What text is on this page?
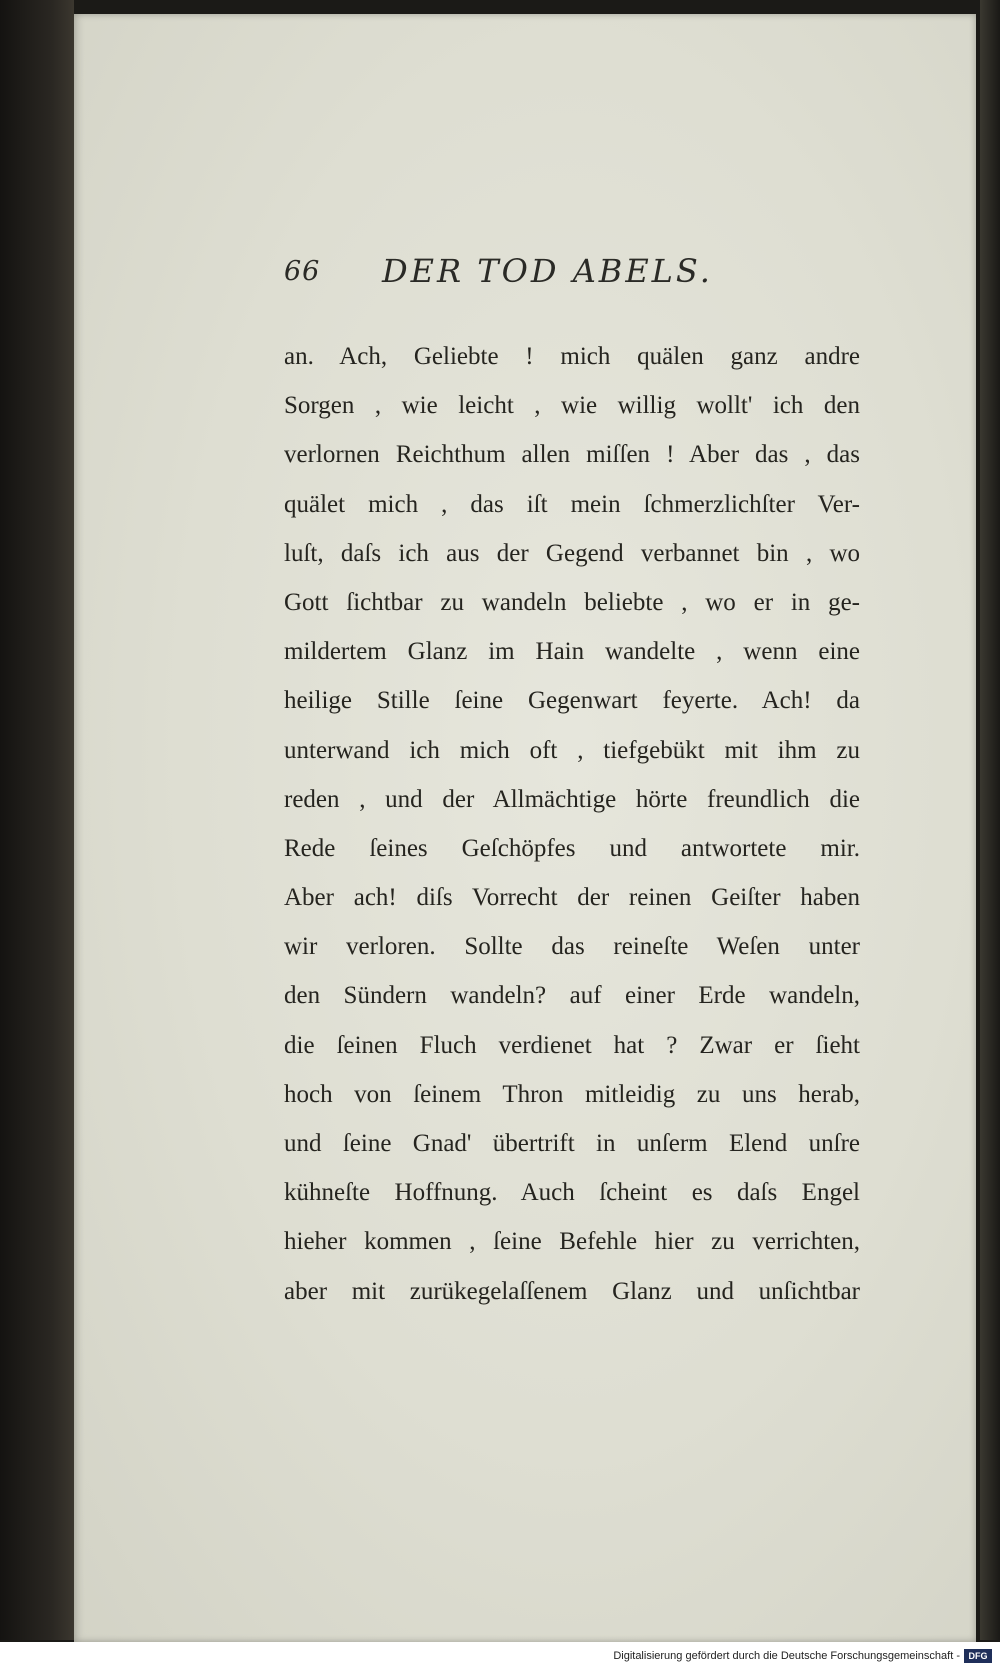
66 DER TOD ABELS.
an. Ach, Geliebte ! mich quälen ganz andre
Sorgen , wie leicht , wie willig wollt' ich den
verlornen Reichthum allen miſſen ! Aber das , das
quälet mich , das iſt mein ſchmerzlichſter Ver-
luſt, daſs ich aus der Gegend verbannet bin , wo
Gott ſichtbar zu wandeln beliebte , wo er in ge-
mildertem Glanz im Hain wandelte , wenn eine
heilige Stille ſeine Gegenwart feyerte. Ach! da
unterwand ich mich oft , tiefgebükt mit ihm zu
reden , und der Allmächtige hörte freundlich die
Rede ſeines Geſchöpfes und antwortete mir.
Aber ach! diſs Vorrecht der reinen Geiſter haben
wir verloren. Sollte das reineſte Weſen unter
den Sündern wandeln? auf einer Erde wandeln,
die ſeinen Fluch verdienet hat ? Zwar er ſieht
hoch von ſeinem Thron mitleidig zu uns herab,
und ſeine Gnad' übertrift in unſerm Elend unſre
kühneſte Hoffnung. Auch ſcheint es daſs Engel
hieher kommen , ſeine Befehle hier zu verrichten,
aber mit zurükegelaſſenem Glanz und unſichtbar
Digitalisierung gefördert durch die Deutsche Forschungsgemeinschaft - DFG
